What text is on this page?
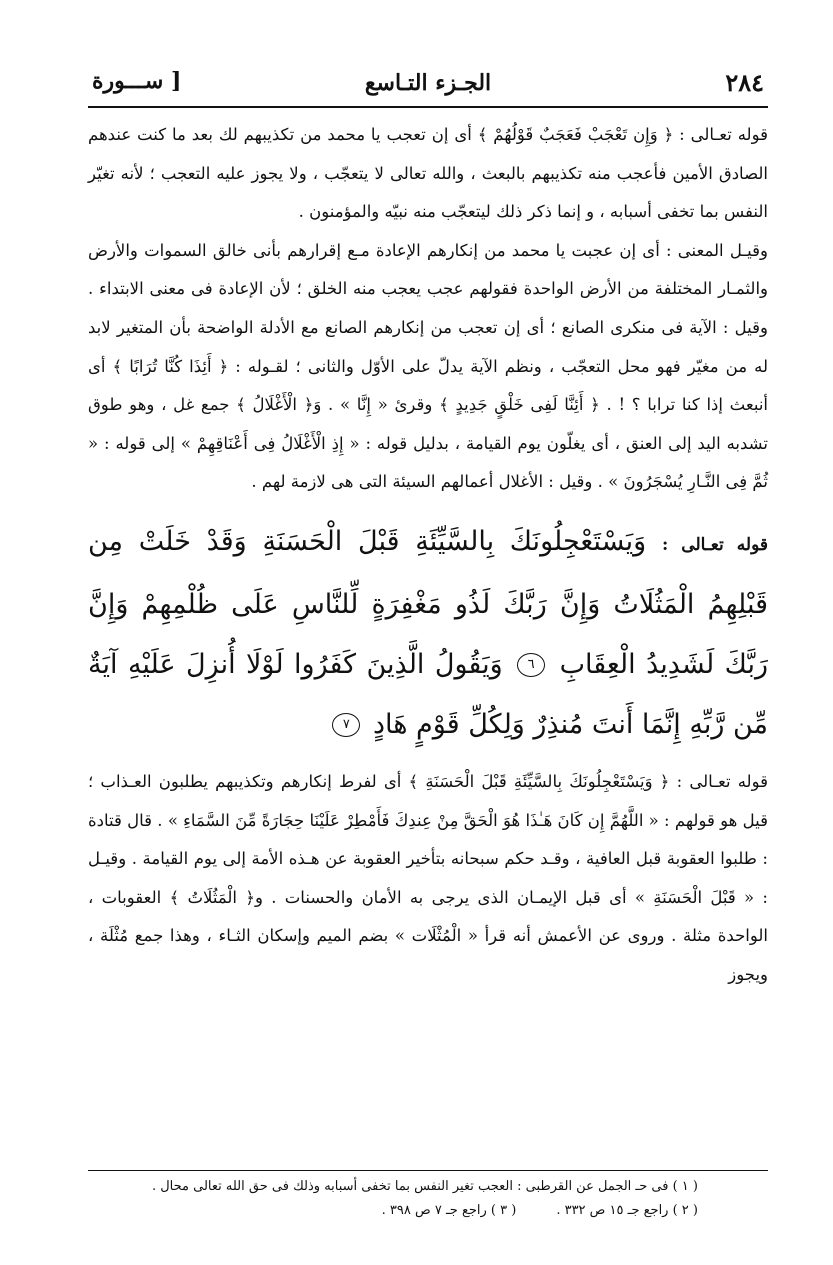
٢٨٤
الجـزء التـاسع
[ ســـورة

قوله تعـالى : ﴿ وَإِن تَعْجَبْ فَعَجَبٌ قَوْلُهُمْ ﴾ أى إن تعجب يا محمد من تكذيبهم لك بعد ما كنت عندهم الصادق الأمين فأعجب منه تكذيبهم بالبعث ، والله تعالى لا يتعجّب ، ولا يجوز عليه التعجب ؛ لأنه تغيّر النفس بما تخفى أسبابه ، و إنما ذكر ذلك ليتعجّب منه نبيّه والمؤمنون .

وقيـل المعنى : أى إن عجبت يا محمد من إنكارهم الإعادة مـع إقرارهم بأنى خالق السموات والأرض والثمـار المختلفة من الأرض الواحدة فقولهم عجب يعجب منه الخلق ؛ لأن الإعادة فى معنى الابتداء . وقيل : الآية فى منكرى الصانع ؛ أى إن تعجب من إنكارهم الصانع مع الأدلة الواضحة بأن المتغير لابد له من مغيّر فهو محل التعجّب ، ونظم الآية يدلّ على الأوّل والثانى ؛ لقـوله : ﴿ أَئِذَا كُنَّا تُرَابًا ﴾ أى أنبعث إذا كنا ترابا ؟ ! . ﴿ أَئِنَّا لَفِى خَلْقٍ جَدِيدٍ ﴾ وقرئ « إِنَّا » . وَ﴿ الْأَغْلَالُ ﴾ جمع غل ، وهو طوق تشدبه اليد إلى العنق ، أى يغلّون يوم القيامة ، بدليل قوله : « إِذِ الْأَغْلَالُ فِى أَعْنَاقِهِمْ » إلى قوله : « ثُمَّ فِى النَّـارِ يُسْجَرُونَ » . وقيل : الأغلال أعمالهم السيئة التى هى لازمة لهم .

قوله تعـالى : وَيَسْتَعْجِلُونَكَ بِالسَّيِّئَةِ قَبْلَ الْحَسَنَةِ وَقَدْ خَلَتْ مِن قَبْلِهِمُ الْمَثُلَاتُ وَإِنَّ رَبَّكَ لَذُو مَغْفِرَةٍ لِّلنَّاسِ عَلَى ظُلْمِهِمْ وَإِنَّ رَبَّكَ لَشَدِيدُ الْعِقَابِ ٦ وَيَقُولُ الَّذِينَ كَفَرُوا لَوْلَا أُنزِلَ عَلَيْهِ آيَةٌ مِّن رَّبِّهِ إِنَّمَا أَنتَ مُنذِرٌ وَلِكُلِّ قَوْمٍ هَادٍ ٧

قوله تعـالى : ﴿ وَيَسْتَعْجِلُونَكَ بِالسَّيِّئَةِ قَبْلَ الْحَسَنَةِ ﴾ أى لفرط إنكارهم وتكذيبهم يطلبون العـذاب ؛ قيل هو قولهم : « اللَّهُمَّ إِن كَانَ هَـٰذَا هُوَ الْحَقَّ مِنْ عِندِكَ فَأَمْطِرْ عَلَيْنَا حِجَارَةً مِّنَ السَّمَاءِ » . قال قتادة : طلبوا العقوبة قبل العافية ، وقـد حكم سبحانه بتأخير العقوبة عن هـذه الأمة إلى يوم القيامة . وقيـل : « قَبْلَ الْحَسَنَةِ » أى قبل الإيمـان الذى يرجى به الأمان والحسنات . و﴿ الْمَثُلَاتُ ﴾ العقوبات ، الواحدة مثلة . وروى عن الأعمش أنه قرأ « الْمُثْلَات » بضم الميم وإسكان الثـاء ، وهذا جمع مُثْلَة ، ويجوز

( ١ ) فى حـ الجمل عن القرطبى : العجب تغير النفس بما تخفى أسبابه وذلك فى حق الله تعالى محال .
( ٢ ) راجع جـ ١٥ ص ٣٣٢ .
( ٣ ) راجع جـ ٧ ص ٣٩٨ .
